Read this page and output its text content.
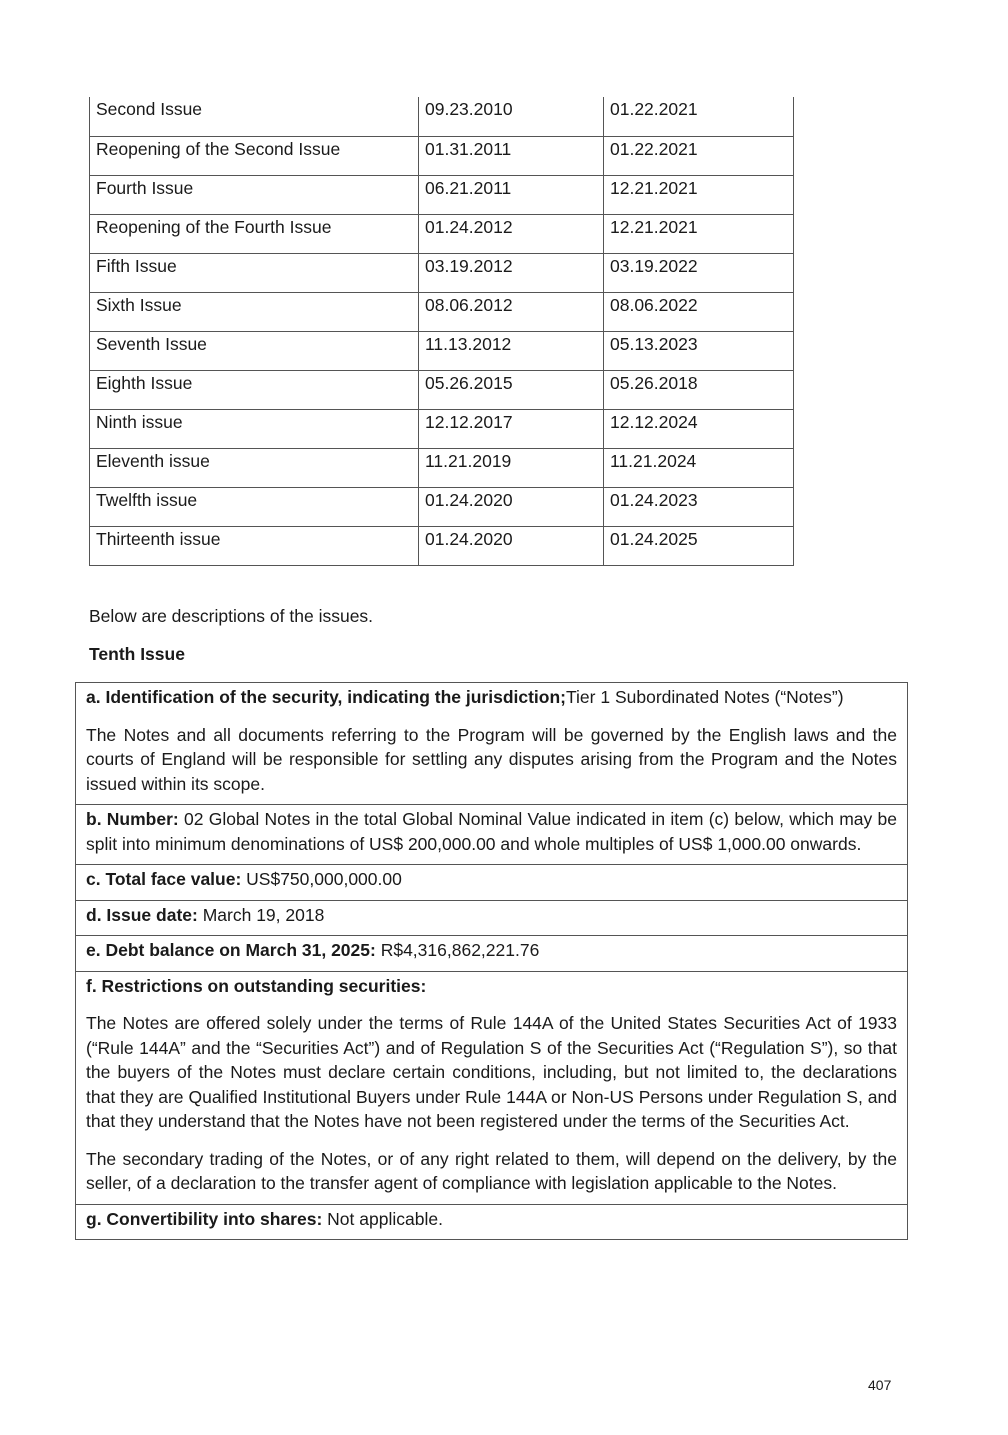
Second Issue	09.23.2010	01.22.2021
Reopening of the Second Issue	01.31.2011	01.22.2021
Fourth Issue	06.21.2011	12.21.2021
Reopening of the Fourth Issue	01.24.2012	12.21.2021
Fifth Issue	03.19.2012	03.19.2022
Sixth Issue	08.06.2012	08.06.2022
Seventh Issue	11.13.2012	05.13.2023
Eighth Issue	05.26.2015	05.26.2018
Ninth issue	12.12.2017	12.12.2024
Eleventh issue	11.21.2019	11.21.2024
Twelfth issue	01.24.2020	01.24.2023
Thirteenth issue	01.24.2020	01.24.2025

Below are descriptions of the issues.

Tenth Issue

a. Identification of the security, indicating the jurisdiction;Tier 1 Subordinated Notes (“Notes”)

The Notes and all documents referring to the Program will be governed by the English laws and the courts of England will be responsible for settling any disputes arising from the Program and the Notes issued within its scope.

b. Number: 02 Global Notes in the total Global Nominal Value indicated in item (c) below, which may be split into minimum denominations of US$ 200,000.00 and whole multiples of US$ 1,000.00 onwards.

c. Total face value: US$750,000,000.00

d. Issue date: March 19, 2018

e. Debt balance on March 31, 2025: R$4,316,862,221.76

f. Restrictions on outstanding securities:

The Notes are offered solely under the terms of Rule 144A of the United States Securities Act of 1933 (“Rule 144A” and the “Securities Act”) and of Regulation S of the Securities Act (“Regulation S”), so that the buyers of the Notes must declare certain conditions, including, but not limited to, the declarations that they are Qualified Institutional Buyers under Rule 144A or Non-US Persons under Regulation S, and that they understand that the Notes have not been registered under the terms of the Securities Act.

The secondary trading of the Notes, or of any right related to them, will depend on the delivery, by the seller, of a declaration to the transfer agent of compliance with legislation applicable to the Notes.

g. Convertibility into shares: Not applicable.

407
